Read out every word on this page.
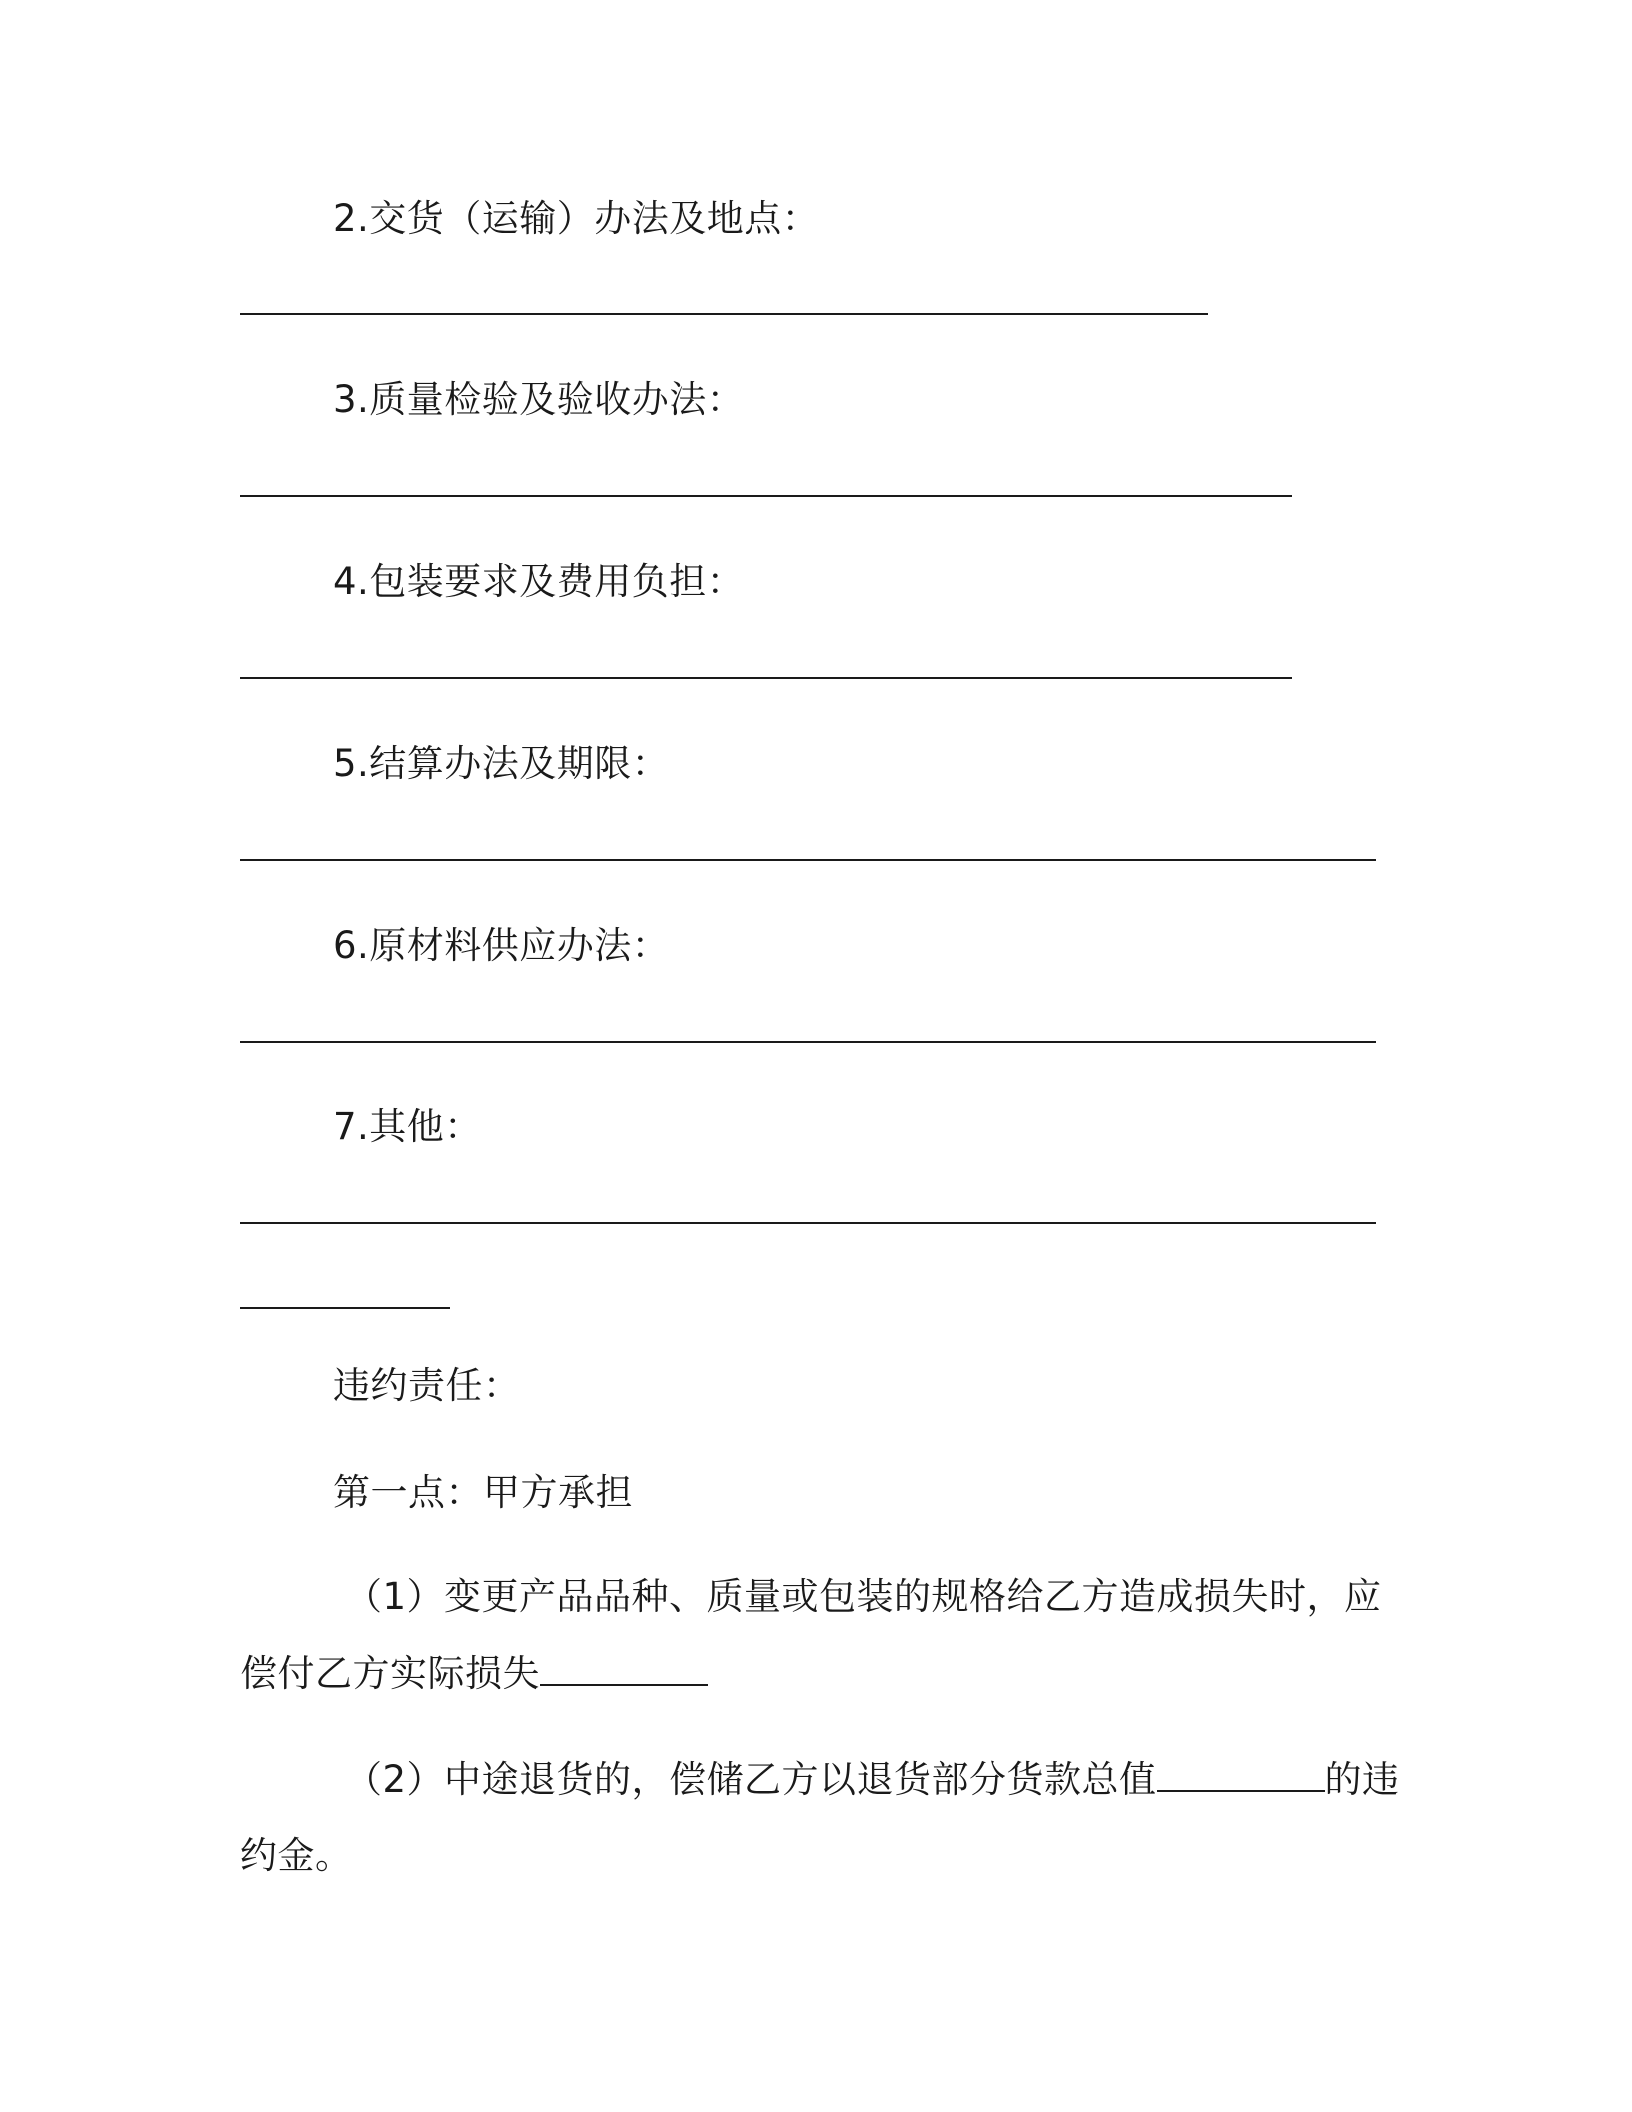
2.交货（运输）办法及地点：
3.质量检验及验收办法：
4.包装要求及费用负担：
5.结算办法及期限：
6.原材料供应办法：
7.其他：
违约责任：
第一点：甲方承担
（1）变更产品品种、质量或包装的规格给乙方造成损失时，应
偿付乙方实际损失
（2）中途退货的，偿储乙方以退货部分货款总值	的违
约金。
